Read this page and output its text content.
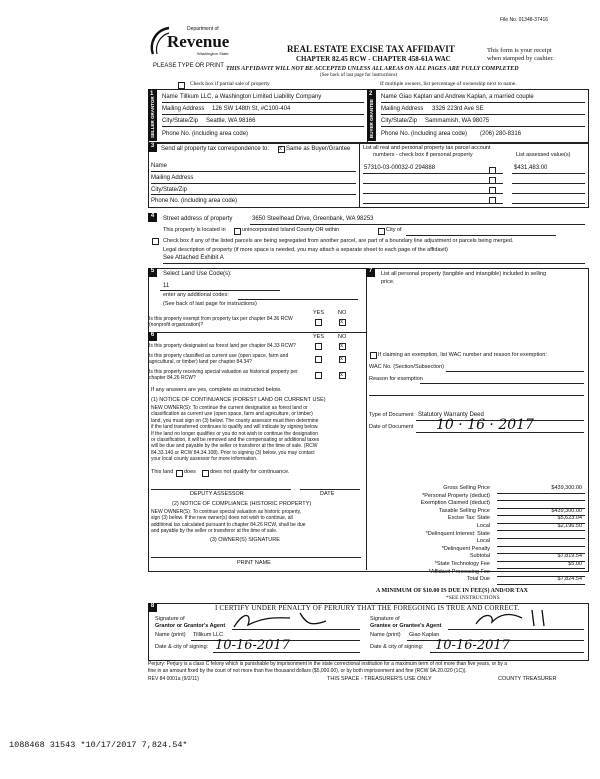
Department of
Revenue
Washington State
PLEASE TYPE OR PRINT
File No. 01348-37416
REAL ESTATE EXCISE TAX AFFIDAVIT
CHAPTER 82.45 RCW - CHAPTER 458-61A WAC
THIS AFFIDAVIT WILL NOT BE ACCEPTED UNLESS ALL AREAS ON ALL PAGES ARE FULLY COMPLETED
(See back of last page for instructions)
This form is your receipt
when stamped by cashier.
Check box if partial sale of property	If multiple owners, list percentage of ownership next to name.
1
SELLER GRANTOR Name Tillkum LLC, a Washington Limited Liability Company
Mailing Address 126 SW 148th St, #C100-404
City/State/Zip Seattle, WA 98166
Phone No. (including area code)
2
BUYER GRANTEE
Name Giao Kaplan and Andrew Kaplan, a married couple
Mailing Address 3326 223rd Ave SE
City/State/Zip Sammamish, WA 98075
Phone No. (including area code) (206) 280-8316
3	Send all property tax correspondence to: x Same as Buyer/Grantee
Name
Mailing Address
City/State/Zip
Phone No. (including area code)
List all real and personal property tax parcel account
numbers - check box if personal property	List assessed value(s)
57310-03-00032-0 294888	$431,483.00
4	Street address of property	3650 Steelhead Drive, Greenbank, WA 98253
This property is located in	unincorporated Island County OR within	City of
Check box if any of the listed parcels are being segregated from another parcel, are part of a boundary line adjustment or parcels being merged.
Legal description of property (if more space is needed, you may attach a separate sheet to each page of the affidavit)
See Attached Exhibit A
5	Select Land Use Code(s):
11
enter any additional codes:
(See back of last page for instructions)
YES	NO
Is this property exempt from property tax per chapter 84.36 RCW (nonprofit organization)?	x
6	YES	NO
Is this property designated as forest land per chapter 84.33 RCW?	x
Is this property classified as current use (open space, farm and agricultural, or timber) land per chapter 84.34?	x
Is this property receiving special valuation as historical property per chapter 84.26 RCW?	x
If any answers are yes, complete as instructed below.
(1) NOTICE OF CONTINUANCE (FOREST LAND OR CURRENT USE)
NEW OWNER(S): To continue the current designation as forest land or
classification as current use (open space, farm and agriculture, or timber)
land, you must sign on (3) below. The county assessor must then determine
if the land transferred continues to qualify and will indicate by signing below.
If the land no longer qualifies or you do not wish to continue the designation
or classification, it will be removed and the compensating or additional taxes
will be due and payable by the seller or transferor at the time of sale. (RCW
84.33.140 or RCW 84.34.108). Prior to signing (3) below, you may contact
your local county assessor for more information.
This land does	does not qualify for continuance.
DEPUTY ASSESSOR	DATE
(2) NOTICE OF COMPLIANCE (HISTORIC PROPERTY)
NEW OWNER(S): To continue special valuation as historic property,
sign (3) below. If the new owner(s) does not wish to continue, all
additional tax calculated pursuant to chapter 84.26 RCW, shall be due
and payable by the seller or transferor at the time of sale.
(3) OWNER(S) SIGNATURE
PRINT NAME
7	List all personal property (tangible and intangible) included in selling
price.
If claiming an exemption, list WAC number and reason for exemption:
WAC No. (Section/Subsection)
Reason for exemption
Type of Document Statutory Warranty Deed
Date of Document 10 · 16 · 2017
Gross Selling Price	$439,300.00
*Personal Property (deduct)
Exemption Claimed (deduct)
Taxable Selling Price	$439,300.00
Excise Tax: State	$5,623.04
Local	$2,196.50
*Delinquent Interest: State
Local
*Delinquent Penalty
Subtotal	$7,819.54
*State Technology Fee	$5.00
*Affidavit Processing Fee
Total Due	$7,824.54
A MINIMUM OF $10.00 IS DUE IN FEE(S) AND/OR TAX
*SEE INSTRUCTIONS
8	I CERTIFY UNDER PENALTY OF PERJURY THAT THE FOREGOING IS TRUE AND CORRECT.
Signature of
Grantor or Grantor's Agent
Name (print) Tillikum LLC
Date & city of signing: 10-16-2017
Signature of
Grantee or Grantee's Agent
Name (print) Giao Kaplan
Date & city of signing: 10-16-2017
Perjury: Perjury is a class C felony which is punishable by imprisonment in the state correctional institution for a maximum term of not more than five years, or by a
fine in an amount fixed by the court of not more than five thousand dollars ($5,000.00), or by both imprisonment and fine (RCW 9A.20.020 (1C)).
REV 84 0001a (9/2/11)	THIS SPACE - TREASURER'S USE ONLY	COUNTY TREASURER
1088468 31543 *10/17/2017 7,824.54*
